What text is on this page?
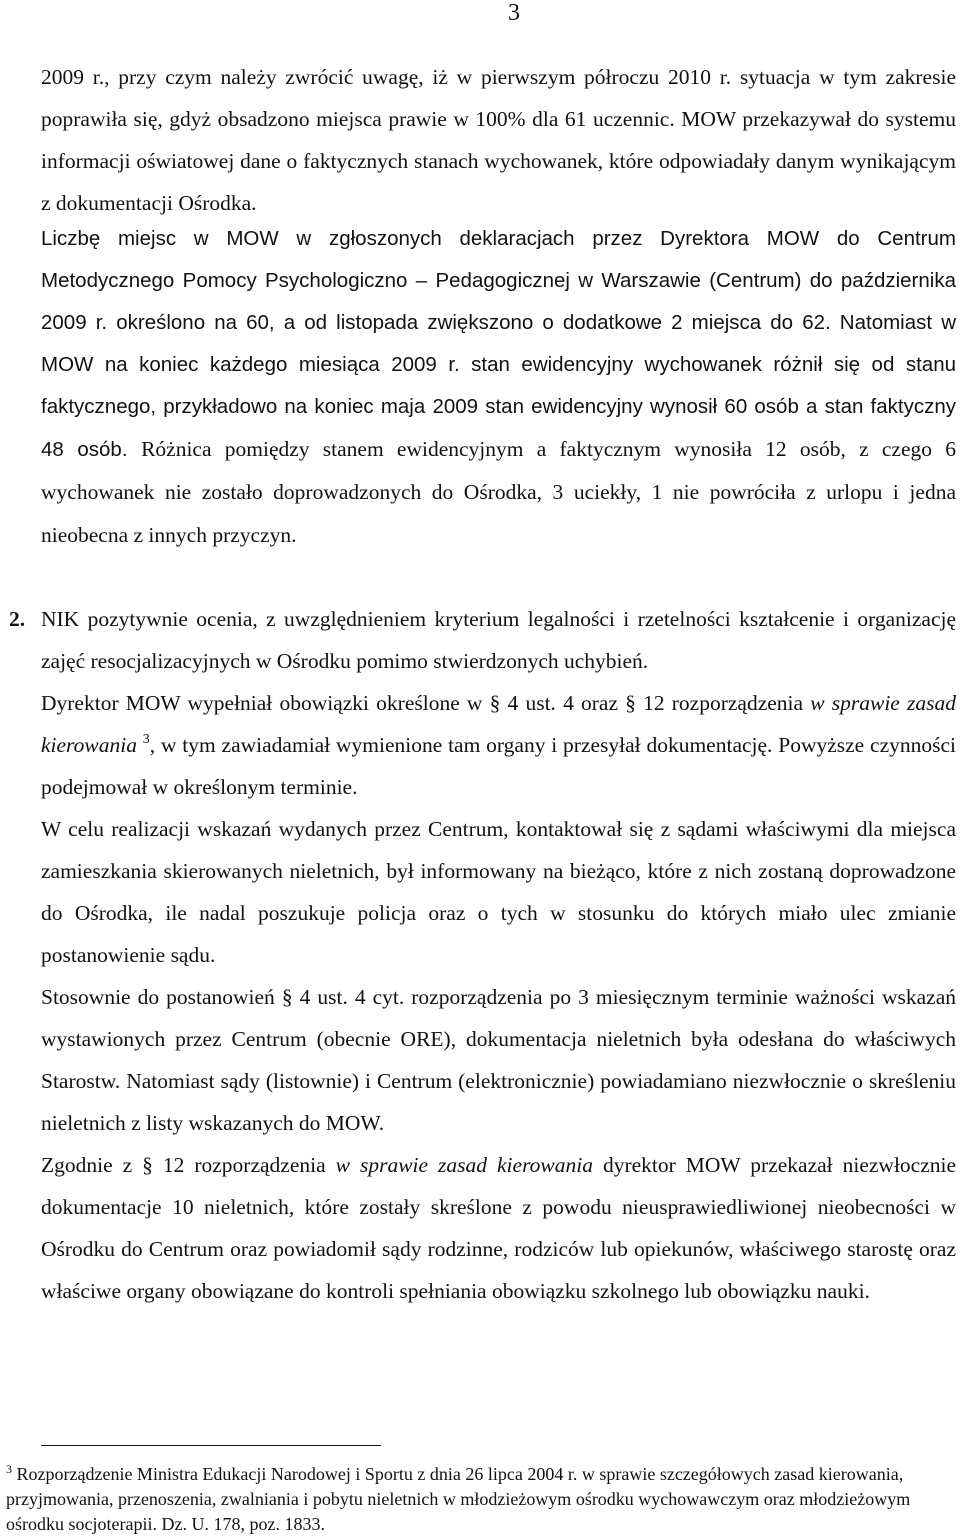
3

2009 r., przy czym należy zwrócić uwagę, iż w pierwszym półroczu 2010 r. sytuacja w tym zakresie poprawiła się, gdyż obsadzono miejsca prawie w 100% dla 61 uczennic. MOW przekazywał do systemu informacji oświatowej dane o faktycznych stanach wychowanek, które odpowiadały danym wynikającym z dokumentacji Ośrodka.

Liczbę miejsc w MOW w zgłoszonych deklaracjach przez Dyrektora MOW do Centrum Metodycznego Pomocy Psychologiczno – Pedagogicznej w Warszawie (Centrum) do października 2009 r. określono na 60, a od listopada zwiększono o dodatkowe 2 miejsca do 62. Natomiast w MOW na koniec każdego miesiąca 2009 r. stan ewidencyjny wychowanek różnił się od stanu faktycznego, przykładowo na koniec maja 2009 stan ewidencyjny wynosił 60 osób a stan faktyczny 48 osób. Różnica pomiędzy stanem ewidencyjnym a faktycznym wynosiła 12 osób, z czego 6 wychowanek nie zostało doprowadzonych do Ośrodka, 3 uciekły, 1 nie powróciła z urlopu i jedna nieobecna z innych przyczyn.

2. NIK pozytywnie ocenia, z uwzględnieniem kryterium legalności i rzetelności kształcenie i organizację zajęć resocjalizacyjnych w Ośrodku pomimo stwierdzonych uchybień.

Dyrektor MOW wypełniał obowiązki określone w § 4 ust. 4 oraz § 12 rozporządzenia w sprawie zasad kierowania $^3$, w tym zawiadamiał wymienione tam organy i przesyłał dokumentację. Powyższe czynności podejmował w określonym terminie.

W celu realizacji wskazań wydanych przez Centrum, kontaktował się z sądami właściwymi dla miejsca zamieszkania skierowanych nieletnich, był informowany na bieżąco, które z nich zostaną doprowadzone do Ośrodka, ile nadal poszukuje policja oraz o tych w stosunku do których miało ulec zmianie postanowienie sądu.

Stosownie do postanowień § 4 ust. 4 cyt. rozporządzenia po 3 miesięcznym terminie ważności wskazań wystawionych przez Centrum (obecnie ORE), dokumentacja nieletnich była odesłana do właściwych Starostw. Natomiast sądy (listownie) i Centrum (elektronicznie) powiadamiano niezwłocznie o skreśleniu nieletnich z listy wskazanych do MOW.

Zgodnie z § 12 rozporządzenia w sprawie zasad kierowania dyrektor MOW przekazał niezwłocznie dokumentacje 10 nieletnich, które zostały skreślone z powodu nieusprawiedliwionej nieobecności w Ośrodku do Centrum oraz powiadomił sądy rodzinne, rodziców lub opiekunów, właściwego starostę oraz właściwe organy obowiązane do kontroli spełniania obowiązku szkolnego lub obowiązku nauki.

$^3$ Rozporządzenie Ministra Edukacji Narodowej i Sportu z dnia 26 lipca 2004 r. w sprawie szczegółowych zasad kierowania, przyjmowania, przenoszenia, zwalniania i pobytu nieletnich w młodzieżowym ośrodku wychowawczym oraz młodzieżowym ośrodku socjoterapii. Dz. U. 178, poz. 1833.
